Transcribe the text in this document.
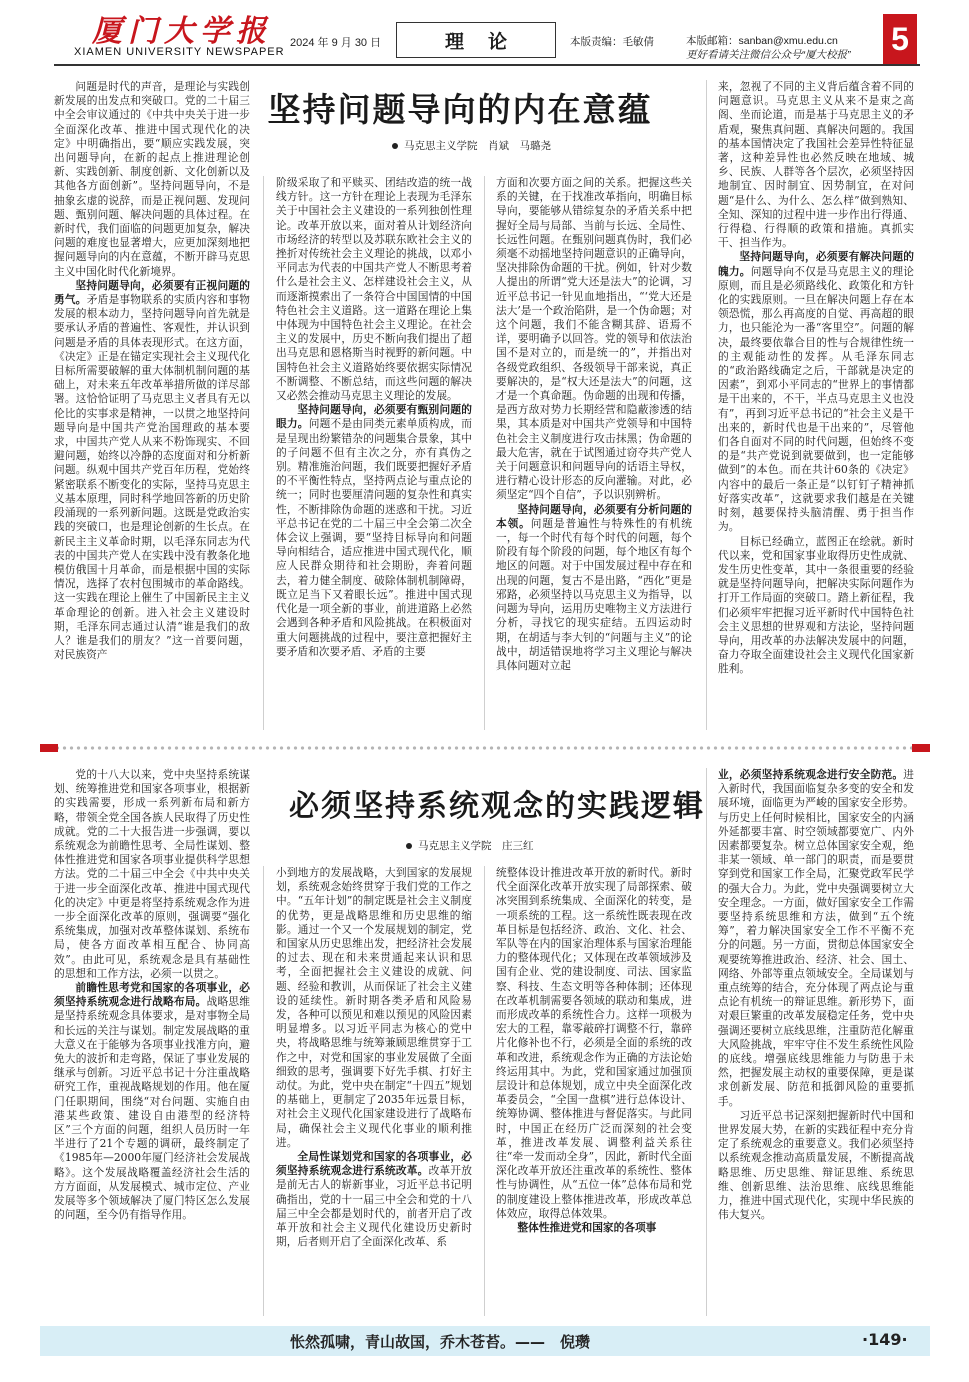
厦门大学报
XIAMEN UNIVERSITY NEWSPAPER
2024 年 9 月 30 日	理论	本版责编：毛敏倩	本版邮箱：sanban@xmu.edu.cn
更好看请关注微信公众号“厦大校报” 5
坚持问题导向的内在意蕴
马克思主义学院　肖斌　马璐尧

问题是时代的声音，是理论与实践创新发展的出发点和突破口。党的二十届三中全会审议通过的《中共中央关于进一步全面深化改革、推进中国式现代化的决定》中明确指出，要“顺应实践发展，突出问题导向，在新的起点上推进理论创新、实践创新、制度创新、文化创新以及其他各方面创新”。坚持问题导向，不是抽象玄虚的说辞，而是正视问题、发现问题、甄别问题、解决问题的具体过程。在新时代，我们面临的问题更加复杂，解决问题的难度也显著增大，应更加深刻地把握问题导向的内在意蕴，不断开辟马克思主义中国化时代化新境界。

坚持问题导向，必须要有正视问题的勇气。矛盾是事物联系的实质内容和事物发展的根本动力，坚持问题导向首先就是要承认矛盾的普遍性、客观性，并认识到问题是矛盾的具体表现形式。在这方面，《决定》正是在锚定实现社会主义现代化目标所需要破解的重大体制机制问题的基础上，对未来五年改革举措所做的详尽部署。这恰恰证明了马克思主义者具有无以伦比的实事求是精神，一以贯之地坚持问题导向是中国共产党治国理政的基本要求，中国共产党人从来不粉饰现实、不回避问题，始终以冷静的态度面对和分析新问题。纵观中国共产党百年历程，党始终紧密联系不断变化的实际，坚持马克思主义基本原理，同时科学地回答新的历史阶段涌现的一系列新问题。这既是党政治实践的突破口，也是理论创新的生长点。在新民主主义革命时期，以毛泽东同志为代表的中国共产党人在实践中没有教条化地模仿俄国十月革命，而是根据中国的实际情况，选择了农村包围城市的革命路线。这一实践在理论上催生了中国新民主主义革命理论的创新。进入社会主义建设时期，毛泽东同志通过认清“谁是我们的敌人？谁是我们的朋友？”这一首要问题，对民族资产

阶级采取了和平赎买、团结改造的统一战线方针。这一方针在理论上表现为毛泽东关于中国社会主义建设的一系列独创性理论。改革开放以来，面对着从计划经济向市场经济的转型以及苏联东欧社会主义的挫折对传统社会主义理论的挑战，以邓小平同志为代表的中国共产党人不断思考着什么是社会主义、怎样建设社会主义，从而逐渐摸索出了一条符合中国国情的中国特色社会主义道路。这一道路在理论上集中体现为中国特色社会主义理论。在社会主义的发展中，历史不断向我们提出了超出马克思和恩格斯当时视野的新问题。中国特色社会主义道路始终要依据实际情况不断调整、不断总结，而这些问题的解决又必然会推动马克思主义理论的发展。

坚持问题导向，必须要有甄别问题的眼力。问题不是由同类元素单质构成，而是呈现出纷繁错杂的问题集合景象，其中的子问题不但有主次之分，亦有真伪之别。精准施治问题，我们既要把握好矛盾的不平衡性特点，坚持两点论与重点论的统一；同时也要厘清问题的复杂性和真实性，不断排除伪命题的迷惑和干扰。习近平总书记在党的二十届三中全会第二次全体会议上强调，要“坚持目标导向和问题导向相结合，适应推进中国式现代化，顺应人民群众期待和社会期盼，奔着问题去，着力健全制度、破除体制机制障碍，既立足当下又着眼长远”。推进中国式现代化是一项全新的事业，前进道路上必然会遇到各种矛盾和风险挑战。在积极面对重大问题挑战的过程中，要注意把握好主要矛盾和次要矛盾、矛盾的主要

方面和次要方面之间的关系。把握这些关系的关键，在于找准改革指向，明确目标导向，要能够从错综复杂的矛盾关系中把握好全局与局部、当前与长远、全局性、长远性问题。在甄别问题真伪时，我们必须毫不动摇地坚持问题意识的正确导向，坚决排除伪命题的干扰。例如，针对少数人提出的所谓“党大还是法大”的论调，习近平总书记一针见血地指出，“‘党大还是法大’是一个政治陷阱，是一个伪命题；对这个问题，我们不能含糊其辞、语焉不详，要明确予以回答。党的领导和依法治国不是对立的，而是统一的”，并指出对各级党政组织、各级领导干部来说，真正要解决的，是“权大还是法大”的问题，这才是一个真命题。伪命题的出现和传播，是西方敌对势力长期经营和隐蔽渗透的结果，其本质是对中国共产党领导和中国特色社会主义制度进行攻击抹黑；伪命题的最大危害，就在于试图通过窃夺共产党人关于问题意识和问题导向的话语主导权，进行精心设计形态的反向灌输。对此，必须坚定“四个自信”，予以识别辨析。

坚持问题导向，必须要有分析问题的本领。问题是普遍性与特殊性的有机统一，每一个时代有每个时代的问题，每个阶段有每个阶段的问题，每个地区有每个地区的问题。对于中国发展过程中存在和出现的问题，复古不是出路，“西化”更是邪路，必须坚持以马克思主义为指导，以问题为导向，运用历史唯物主义方法进行分析，寻找它的现实症结。五四运动时期，在胡适与李大钊的“问题与主义”的论战中，胡适错误地将学习主义理论与解决具体问题对立起

来，忽视了不同的主义背后蕴含着不同的问题意识。马克思主义从来不是束之高阁、坐而论道，而是基于马克思主义的矛盾观，聚焦真问题、真解决问题的。我国的基本国情决定了我国社会差异性特征显著，这种差异性也必然反映在地域、城乡、民族、人群等各个层次，必须坚持因地制宜、因时制宜、因势制宜，在对问题“是什么、为什么、怎么样”做到熟知、全知、深知的过程中进一步作出行得通、行得稳、行得顺的政策和措施。真抓实干、担当作为。

坚持问题导向，必须要有解决问题的魄力。问题导向不仅是马克思主义的理论原则，而且是必须路线化、政策化和方针化的实践原则。一旦在解决问题上存在本领恐慌，那么再高度的自觉、再高超的眼力，也只能沦为一番“客里空”。问题的解决，最终要依靠合目的性与合规律性统一的主观能动性的发挥。从毛泽东同志的“政治路线确定之后，干部就是决定的因素”，到邓小平同志的“世界上的事情都是干出来的，不干，半点马克思主义也没有”，再到习近平总书记的“社会主义是干出来的，新时代也是干出来的”，尽管他们各自面对不同的时代问题，但始终不变的是“共产党说到就要做到，也一定能够做到”的本色。而在共计60条的《决定》内容中的最后一条正是“以钉钉子精神抓好落实改革”，这就要求我们越是在关键时刻，越要保持头脑清醒、勇于担当作为。

目标已经确立，蓝图正在绘就。新时代以来，党和国家事业取得历史性成就、发生历史性变革，其中一条很重要的经验就是坚持问题导向，把解决实际问题作为打开工作局面的突破口。踏上新征程，我们必须牢牢把握习近平新时代中国特色社会主义思想的世界观和方法论，坚持问题导向，用改革的办法解决发展中的问题，奋力夺取全面建设社会主义现代化国家新胜利。

必须坚持系统观念的实践逻辑
马克思主义学院　庄三红

党的十八大以来，党中央坚持系统谋划、统筹推进党和国家各项事业，根据新的实践需要，形成一系列新布局和新方略，带领全党全国各族人民取得了历史性成就。党的二十大报告进一步强调，要以系统观念为前瞻性思考、全局性谋划、整体性推进党和国家各项事业提供科学思想方法。党的二十届三中全会《中共中央关于进一步全面深化改革、推进中国式现代化的决定》中更是将坚持系统观念作为进一步全面深化改革的原则，强调要“强化系统集成，加强对改革整体谋划、系统布局，使各方面改革相互配合、协同高效”。由此可见，系统观念是具有基础性的思想和工作方法，必须一以贯之。

前瞻性思考党和国家的各项事业，必须坚持系统观念进行战略布局。战略思维是坚持系统观念具体要求，是对事物全局和长远的关注与谋划。制定发展战略的重大意义在于能够为各项事业找准方向，避免大的波折和走弯路，保证了事业发展的继承与创新。习近平总书记十分注重战略研究工作，重视战略规划的作用。他在厦门任职期间，围绕“对台问题、实施自由港某些政策、建设自由港型的经济特区”三个方面的问题，组织人员历时一年半进行了21个专题的调研，最终制定了《1985年—2000年厦门经济社会发展战略》。这个发展战略覆盖经济社会生活的方方面面，从发展模式、城市定位、产业发展等多个领域解决了厦门特区怎么发展的问题，至今仍有指导作用。

小到地方的发展战略，大到国家的发展规划，系统观念始终贯穿于我们党的工作之中。“五年计划”的制定既是社会主义制度的优势，更是战略思维和历史思维的缩影。通过一个又一个发展规划的制定，党和国家从历史思维出发，把经济社会发展的过去、现在和未来贯通起来认识和思考，全面把握社会主义建设的成就、问题、经验和教训，从而保证了社会主义建设的延续性。新时期各类矛盾和风险易发，各种可以预见和难以预见的风险因素明显增多。以习近平同志为核心的党中央，将战略思维与统筹兼顾思维贯穿于工作之中，对党和国家的事业发展做了全面细致的思考，强调要下好先手棋、打好主动仗。为此，党中央在制定“十四五”规划的基础上，更制定了2035年远景目标，对社会主义现代化国家建设进行了战略布局，确保社会主义现代化事业的顺利推进。

全局性谋划党和国家的各项事业，必须坚持系统观念进行系统改革。改革开放是前无古人的崭新事业，习近平总书记明确指出，党的十一届三中全会和党的十八届三中全会都是划时代的，前者开启了改革开放和社会主义现代化建设历史新时期，后者则开启了全面深化改革、系

统整体设计推进改革开放的新时代。新时代全面深化改革开放实现了局部探索、破冰突围到系统集成、全面深化的转变，是一项系统的工程。这一系统性既表现在改革目标是包括经济、政治、文化、社会、军队等在内的国家治理体系与国家治理能力的整体现代化；又体现在改革领域涉及国有企业、党的建设制度、司法、国家监察、科技、生态文明等各种体制；还体现在改革机制需要各领域的联动和集成，进而形成改革的系统性合力。这样一项极为宏大的工程，靠零敲碎打调整不行，靠碎片化修补也不行，必须是全面的系统的改革和改进，系统观念作为正确的方法论始终运用其中。为此，党和国家通过加强顶层设计和总体规划，成立中央全面深化改革委员会，“全国一盘棋”进行总体设计、统筹协调、整体推进与督促落实。与此同时，中国正在经历广泛而深刻的社会变革，推进改革发展、调整利益关系往往“牵一发而动全身”，因此，新时代全面深化改革开放还注重改革的系统性、整体性与协调性，从“五位一体”总体布局和党的制度建设上整体推进改革，形成改革总体效应，取得总体效果。

整体性推进党和国家的各项事

业，必须坚持系统观念进行安全防范。进入新时代，我国面临复杂多变的安全和发展环境，面临更为严峻的国家安全形势。与历史上任何时候相比，国家安全的内涵外延都要丰富、时空领域都要宽广、内外因素都要复杂。树立总体国家安全观，绝非某一领域、单一部门的职责，而是要贯穿到党和国家工作全局，汇聚党政军民学的强大合力。为此，党中央强调要树立大安全理念。一方面，做好国家安全工作需要坚持系统思维和方法，做到“五个统筹”，着力解决国家安全工作不平衡不充分的问题。另一方面，贯彻总体国家安全观要统筹推进政治、经济、社会、国土、网络、外部等重点领域安全。全局谋划与重点统筹的结合，充分体现了两点论与重点论有机统一的辩证思维。新形势下，面对艰巨繁重的改革发展稳定任务，党中央强调还要树立底线思维，注重防范化解重大风险挑战，牢牢守住不发生系统性风险的底线。增强底线思维能力与防患于未然，把握发展主动权的重要保障，更是谋求创新发展、防范和抵御风险的重要抓手。

习近平总书记深刻把握新时代中国和世界发展大势，在新的实践征程中充分肯定了系统观念的重要意义。我们必须坚持以系统观念推动高质量发展，不断提高战略思维、历史思维、辩证思维、系统思维、创新思维、法治思维、底线思维能力，推进中国式现代化，实现中华民族的伟大复兴。

怅然孤啸，青山故国，乔木苍苔。——　倪瓒	·149·
